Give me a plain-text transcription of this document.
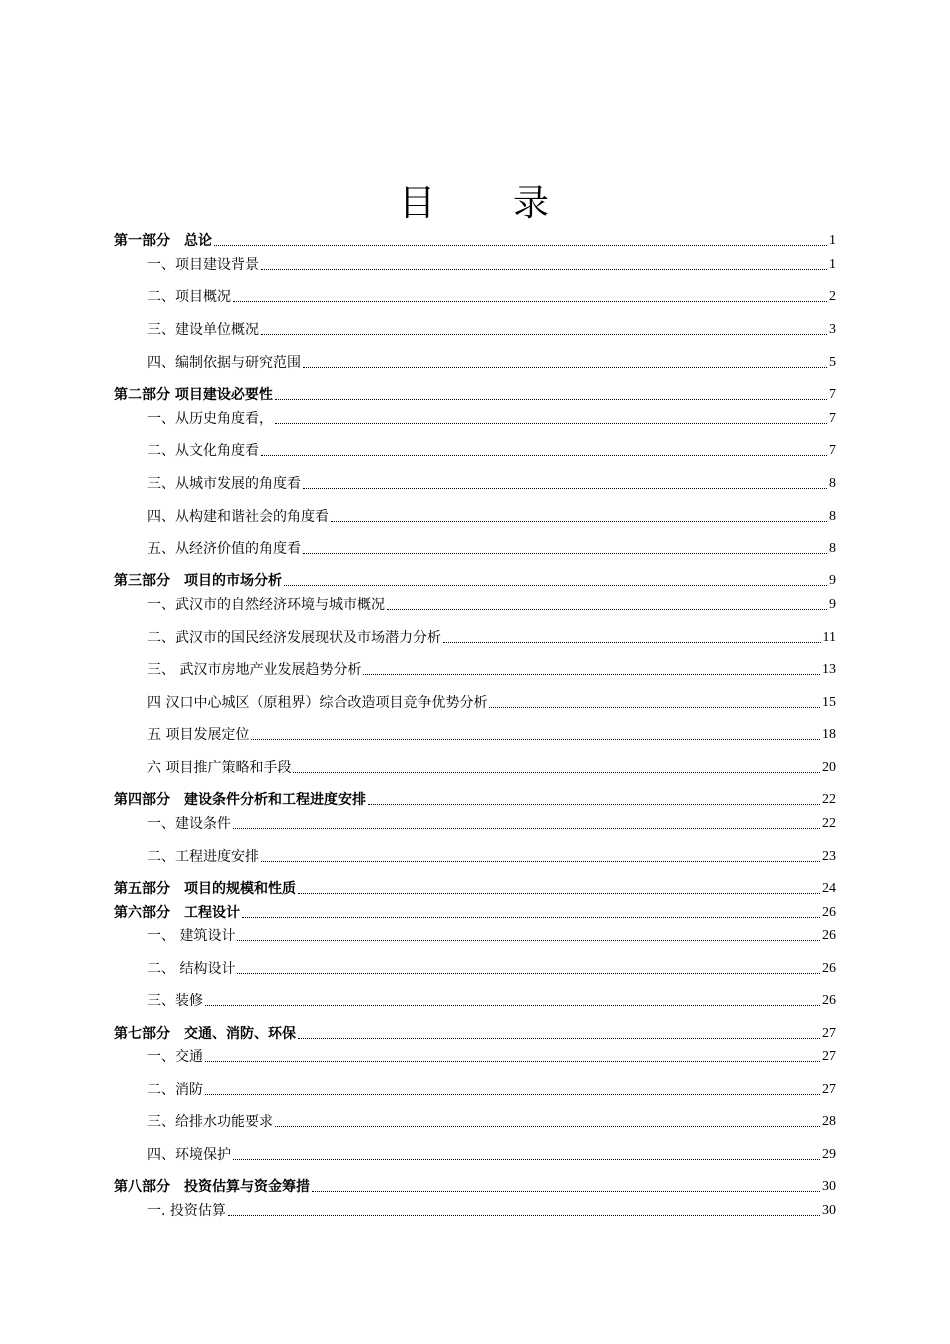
目　　录
第一部分　总论	1
一、项目建设背景	1
二、项目概况	2
三、建设单位概况	3
四、编制依据与研究范围	5
第二部分 项目建设必要性	7
一、从历史角度看，	7
二、从文化角度看	7
三、从城市发展的角度看	8
四、从构建和谐社会的角度看	8
五、从经济价值的角度看	8
第三部分　项目的市场分析	9
一、武汉市的自然经济环境与城市概况	9
二、武汉市的国民经济发展现状及市场潜力分析	11
三、 武汉市房地产业发展趋势分析	13
四 汉口中心城区（原租界）综合改造项目竞争优势分析	15
五 项目发展定位	18
六 项目推广策略和手段	20
第四部分　建设条件分析和工程进度安排	22
一、建设条件	22
二、工程进度安排	23
第五部分　项目的规模和性质	24
第六部分　工程设计	26
一、 建筑设计	26
二、 结构设计	26
三、装修	26
第七部分　交通、消防、环保	27
一、交通	27
二、消防	27
三、给排水功能要求	28
四、环境保护	29
第八部分　投资估算与资金筹措	30
一. 投资估算	30
